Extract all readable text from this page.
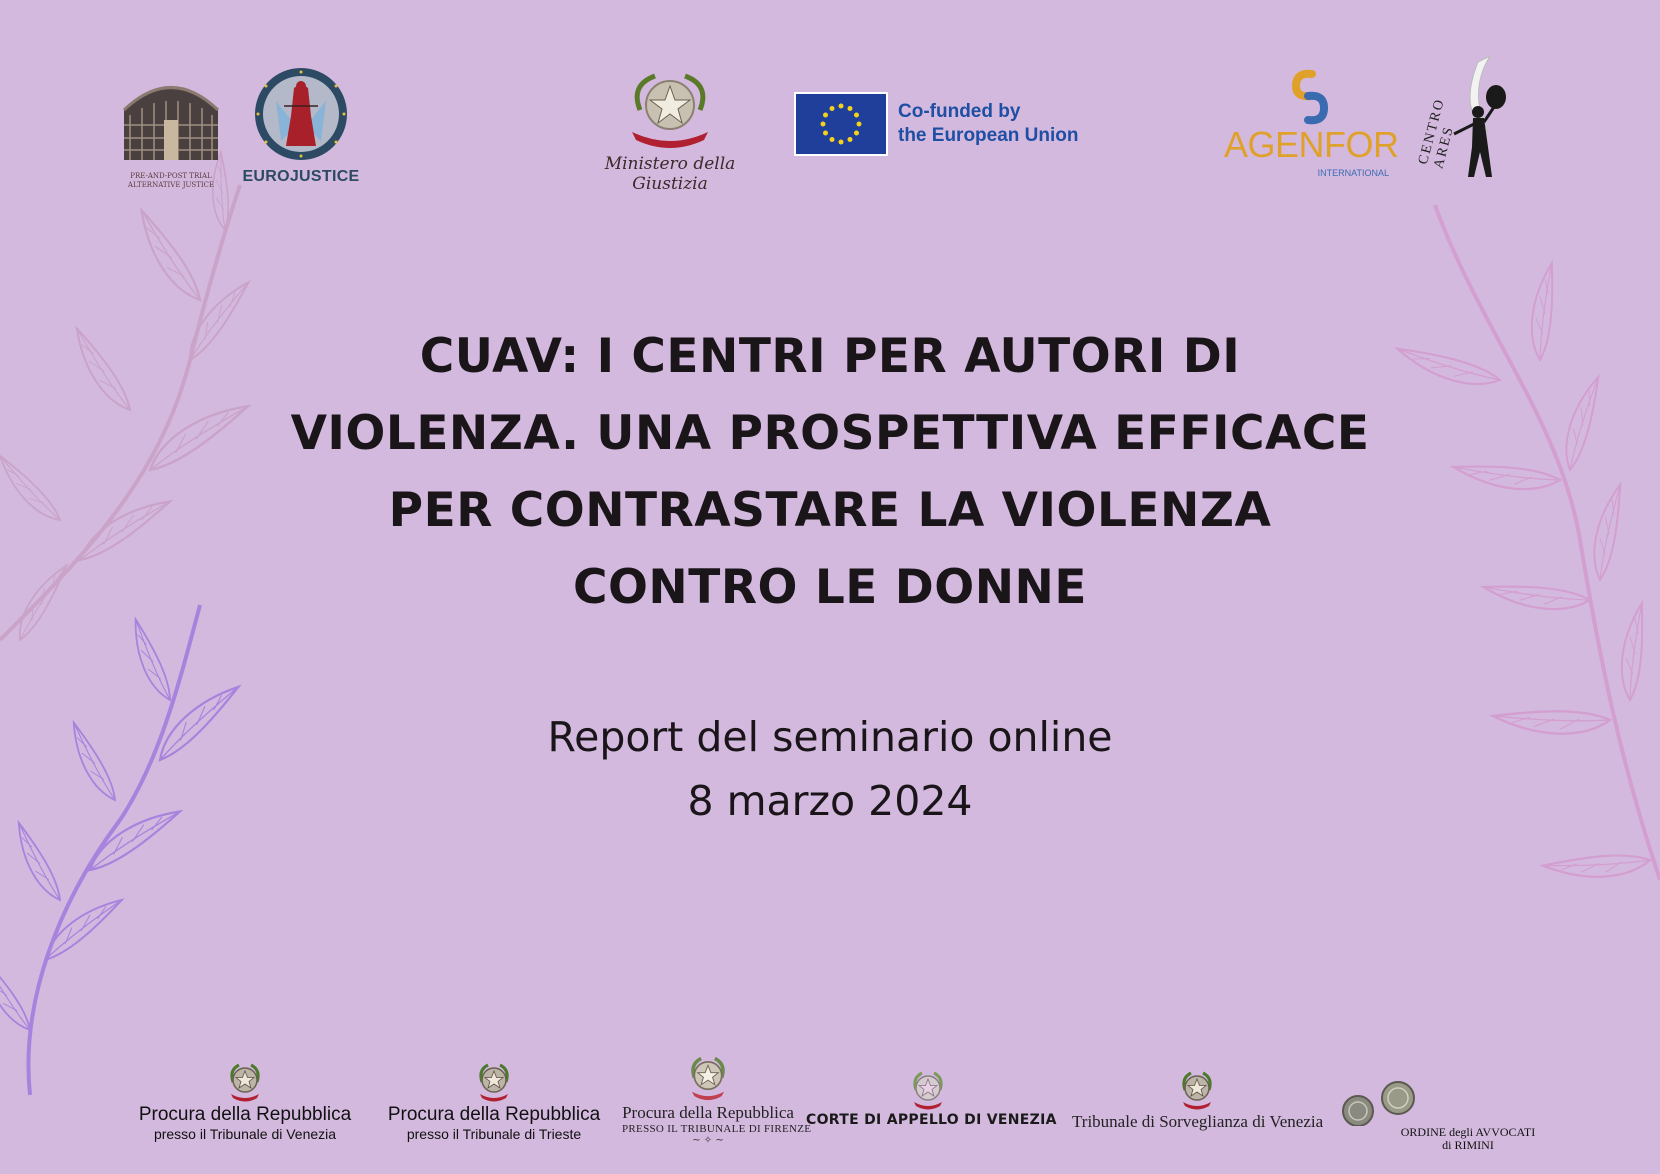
PRE-AND-POST TRIAL ALTERNATIVE JUSTICE	EUROJUSTICE
Ministero della Giustizia
Co-funded by
the European Union	AGENFOR
INTERNATIONAL
CENTRO ARES
CUAV: I CENTRI PER AUTORI DI
VIOLENZA. UNA PROSPETTIVA EFFICACE
PER CONTRASTARE LA VIOLENZA
CONTRO LE DONNE
Report del seminario online
8 marzo 2024
Procura della Repubblica
presso il Tribunale di Venezia
Procura della Repubblica
presso il Tribunale di Trieste
Procura della Repubblica
PRESSO IL TRIBUNALE DI FIRENZE
~ ✧ ~
CORTE DI APPELLO DI VENEZIA Tribunale di Sorveglianza di Venezia
ORDINE degli AVVOCATI
di RIMINI
